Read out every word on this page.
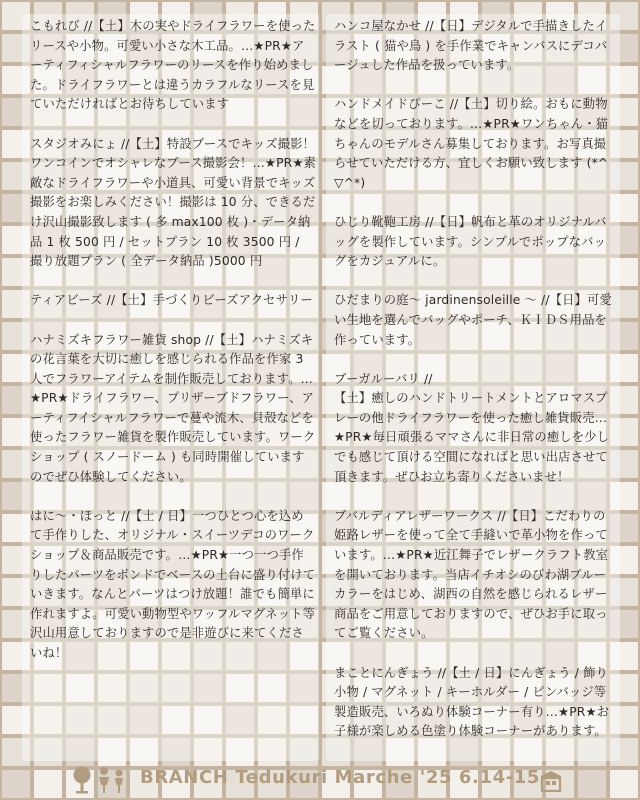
こもれび //【土】木の実やドライフラワーを使ったリースや小物。可愛い小さな木工品。…★PR★アーティフィシャルフラワーのリースを作り始めました。ドライフラワーとは違うカラフルなリースを見ていただければとお待ちしています

スタジオみにょ //【土】特設ブースでキッズ撮影！ワンコインでオシャレなブース撮影会！…★PR★素敵なドライフラワーや小道具、可愛い背景でキッズ撮影をお楽しみください！撮影は 10 分、できるだけ沢山撮影致します ( 多 max100 枚 )・データ納品 1 枚 500 円 / セットプラン 10 枚 3500 円 / 撮り放題プラン ( 全データ納品 )5000 円

ティアビーズ //【土】手づくりビーズアクセサリー

ハナミズキフラワー雑貨 shop //【土】ハナミズキの花言葉を大切に癒しを感じられる作品を作家 3 人でフラワーアイテムを制作販売しております。…★PR★ドライフラワー、プリザーブドフラワー、アーティフイシャルフラワーで蔓や流木、貝殻などを使ったフラワー雑貨を製作販売しています。ワークショップ ( スノードーム ) も同時開催していますのでぜひ体験してください。

はに〜・ほっと //【土 / 日】一つひとつ心を込めて手作りした、オリジナル・スイーツデコのワークショップ＆商品販売です。…★PR★一つ一つ手作りしたパーツをボンドでベースの土台に盛り付けていきます。なんとパーツはつけ放題！誰でも簡単に作れますよ。可愛い動物型やワッフルマグネット等沢山用意しておりますので是非遊びに来てくださいね！

ハンコ屋なかせ //【日】デジタルで手描きしたイラスト ( 猫や鳥 ) を手作業でキャンバスにデコパージュした作品を扱っています。

ハンドメイドぴーこ //【土】切り絵。おもに動物などを切っております。…★PR★ワンちゃん・猫ちゃんのモデルさん募集しております。お写真撮らせていただける方、宜しくお願い致します (*^▽^*)

ひじり靴鞄工房 //【日】帆布と革のオリジナルバッグを製作しています。シンプルでポップなバッグをカジュアルに。

ひだまりの庭〜 jardinensoleille 〜 //【日】可愛い生地を選んでバッグやポーチ、ＫＩＤＳ用品を作っています。

ブーガルーバリ //
【土】癒しのハンドトリートメントとアロマスプレーの他ドライフラワーを使った癒し雑貨販売…★PR★毎日頑張るママさんに非日常の癒しを少しでも感じて頂ける空間になればと思い出店させて頂きます。ぜひお立ち寄りくださいませ！

ブバルディアレザーワークス //【日】こだわりの姫路レザーを使って全て手縫いで革小物を作っています。…★PR★近江舞子でレザークラフト教室を開いております。当店イチオシのびわ湖ブルーカラーをはじめ、湖西の自然を感じられるレザー商品をご用意しておりますので、ぜひお手に取ってご覧ください。

まことにんぎょう //【土 / 日】にんぎょう / 飾り小物 / マグネット / キーホルダー / ピンバッジ等製造販売、いろぬり体験コーナー有り…★PR★お子様が楽しめる色塗り体験コーナーがあります。

BRANCH Tedukuri Marche '25 6.14-15
